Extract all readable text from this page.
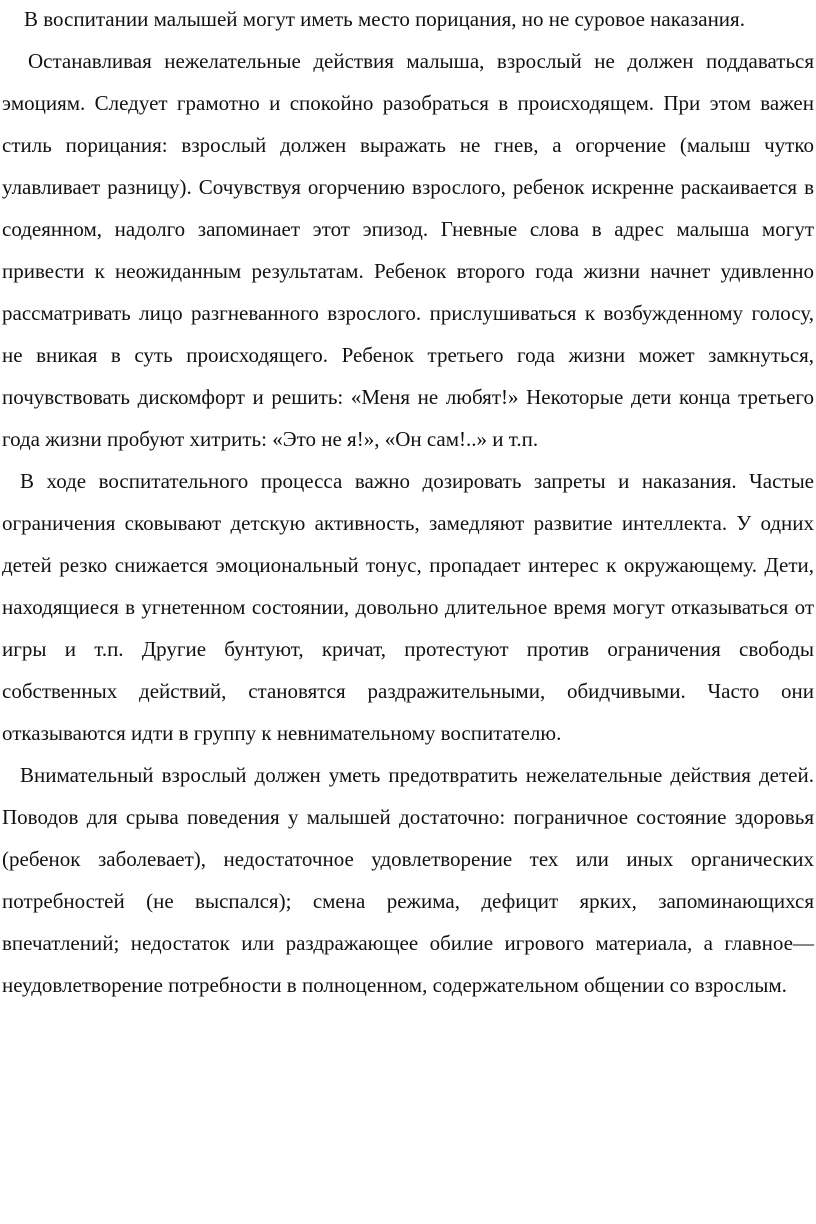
В воспитании малышей могут иметь место порицания, но не суровое наказания.

Останавливая нежелательные действия малыша, взрослый не должен поддаваться эмоциям. Следует грамотно и спокойно разобраться в происходящем. При этом важен стиль порицания: взрослый должен выражать не гнев, а огорчение (малыш чутко улавливает разницу). Сочувствуя огорчению взрослого, ребенок искренне раскаивается в содеянном, надолго запоминает этот эпизод. Гневные слова в адрес малыша могут привести к неожиданным результатам. Ребенок второго года жизни начнет удивленно рассматривать лицо разгневанного взрослого. прислушиваться к возбужденному голосу, не вникая в суть происходящего. Ребенок третьего года жизни может замкнуться, почувствовать дискомфорт и решить: «Меня не любят!» Некоторые дети конца третьего года жизни пробуют хитрить: «Это не я!», «Он сам!..» и т.п.

В ходе воспитательного процесса важно дозировать запреты и наказания. Частые ограничения сковывают детскую активность, замедляют развитие интеллекта. У одних детей резко снижается эмоциональный тонус, пропадает интерес к окружающему. Дети, находящиеся в угнетенном состоянии, довольно длительное время могут отказываться от игры и т.п. Другие бунтуют, кричат, протестуют против ограничения свободы собственных действий, становятся раздражительными, обидчивыми. Часто они отказываются идти в группу к невнимательному воспитателю.

Внимательный взрослый должен уметь предотвратить нежелательные действия детей. Поводов для срыва поведения у малышей достаточно: пограничное состояние здоровья (ребенок заболевает), недостаточное удовлетворение тех или иных органических потребностей (не выспался); смена режима, дефицит ярких, запоминающихся впечатлений; недостаток или раздражающее обилие игрового материала, а главное—неудовлетворение потребности в полноценном, содержательном общении со взрослым.
